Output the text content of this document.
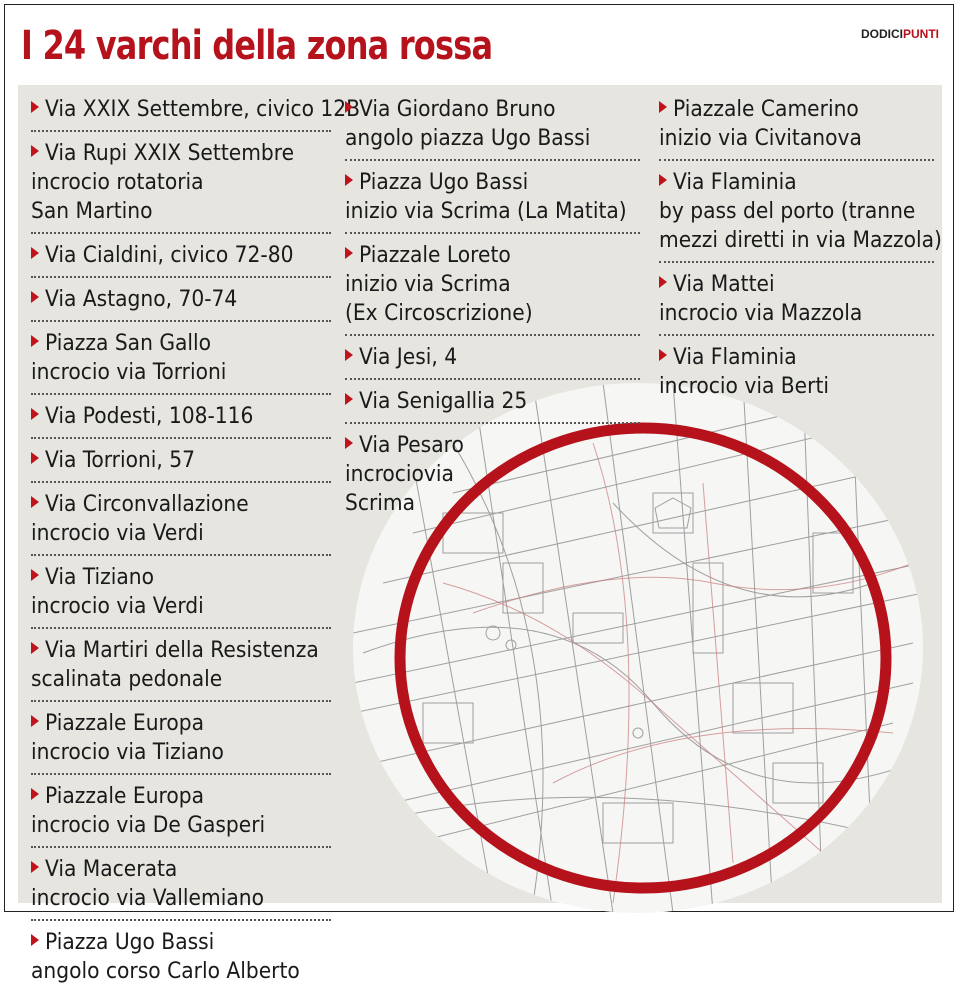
I 24 varchi della zona rossa	DODICIPUNTI
Via XXIX Settembre, civico 12B
Via Rupi XXIX Settembre
incrocio rotatoria
San Martino
Via Cialdini, civico 72-80
Via Astagno, 70-74
Piazza San Gallo
incrocio via Torrioni
Via Podesti, 108-116
Via Torrioni, 57
Via Circonvallazione
incrocio via Verdi
Via Tiziano
incrocio via Verdi
Via Martiri della Resistenza
scalinata pedonale
Piazzale Europa
incrocio via Tiziano
Piazzale Europa
incrocio via De Gasperi
Via Macerata
incrocio via Vallemiano
Piazza Ugo Bassi
angolo corso Carlo Alberto
Via Giordano Bruno
angolo piazza Ugo Bassi
Piazza Ugo Bassi
inizio via Scrima (La Matita)
Piazzale Loreto
inizio via Scrima
(Ex Circoscrizione)
Via Jesi, 4
Via Senigallia 25
Via Pesaro
incrociovia
Scrima
Piazzale Camerino
inizio via Civitanova
Via Flaminia
by pass del porto (tranne
mezzi diretti in via Mazzola)
Via Mattei
incrocio via Mazzola
Via Flaminia
incrocio via Berti
